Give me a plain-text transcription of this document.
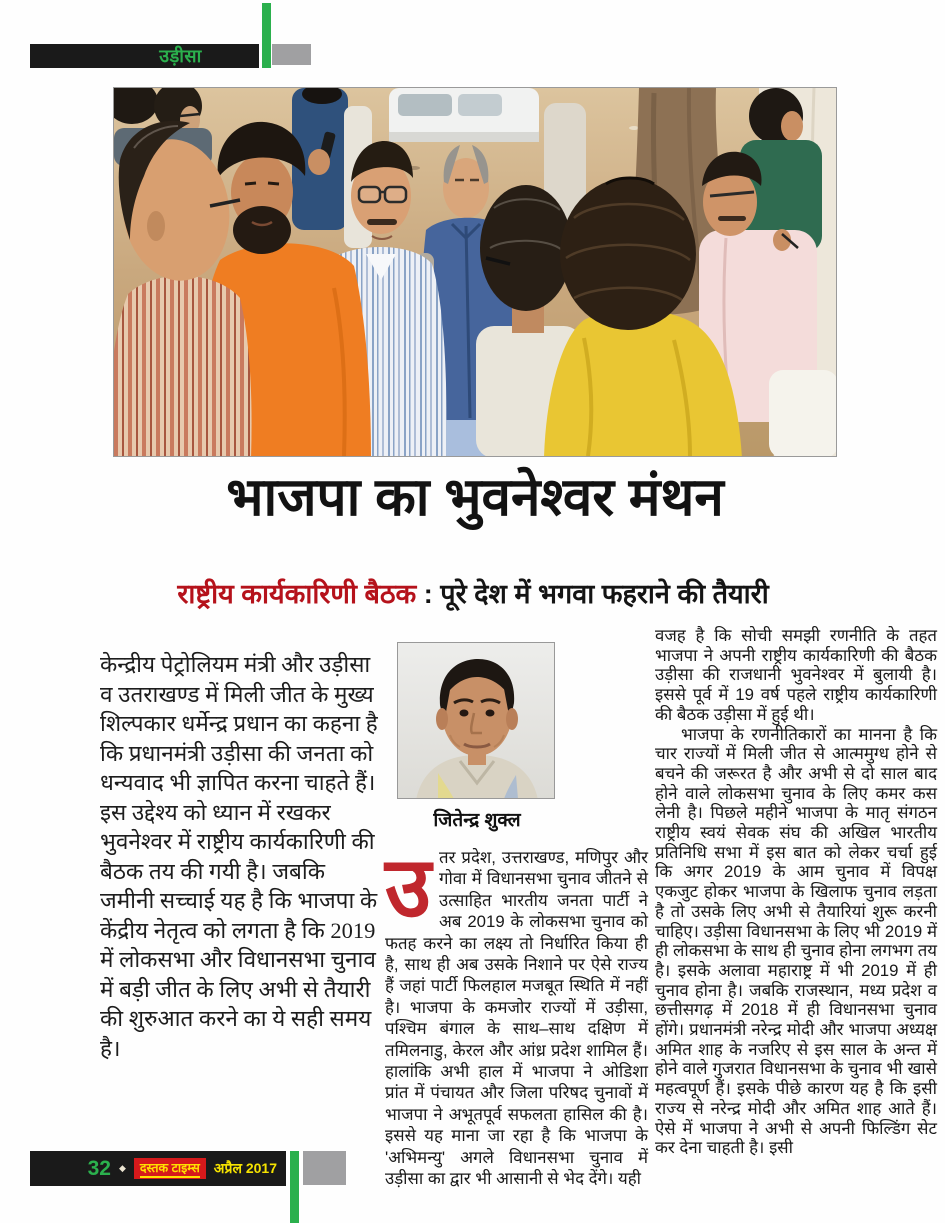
उड़ीसा
भाजपा का भुवनेश्वर मंथन
राष्ट्रीय कार्यकारिणी बैठक : पूरे देश में भगवा फहराने की तैयारी
केन्द्रीय पेट्रोलियम मंत्री और उड़ीसा व उतराखण्ड में मिली जीत के मुख्य शिल्पकार धर्मेन्द्र प्रधान का कहना है कि प्रधानमंत्री उड़ीसा की जनता को धन्यवाद भी ज्ञापित करना चाहते हैं। इस उद्देश्य को ध्यान में रखकर भुवनेश्वर में राष्ट्रीय कार्यकारिणी की बैठक तय की गयी है। जबकि जमीनी सच्चाई यह है कि भाजपा के केंद्रीय नेतृत्व को लगता है कि 2019 में लोकसभा और विधानसभा चुनाव में बड़ी जीत के लिए अभी से तैयारी की शुरुआत करने का ये सही समय है।
जितेन्द्र शुक्ल
उतर प्रदेश, उत्तराखण्ड, मणिपुर और गोवा में विधानसभा चुनाव जीतने से उत्साहित भारतीय जनता पार्टी ने अब 2019 के लोकसभा चुनाव को फतह करने का लक्ष्य तो निर्धारित किया ही है, साथ ही अब उसके निशाने पर ऐसे राज्य हैं जहां पार्टी फिलहाल मजबूत स्थिति में नहीं है। भाजपा के कमजोर राज्यों में उड़ीसा, पश्चिम बंगाल के साथ–साथ दक्षिण में तमिलनाडु, केरल और आंध्र प्रदेश शामिल हैं। हालांकि अभी हाल में भाजपा ने ओडिशा प्रांत में पंचायत और जिला परिषद चुनावों में भाजपा ने अभूतपूर्व सफलता हासिल की है। इससे यह माना जा रहा है कि भाजपा के 'अभिमन्यु' अगले विधानसभा चुनाव में उड़ीसा का द्वार भी आसानी से भेद देंगे। यही

वजह है कि सोची समझी रणनीति के तहत भाजपा ने अपनी राष्ट्रीय कार्यकारिणी की बैठक उड़ीसा की राजधानी भुवनेश्वर में बुलायी है। इससे पूर्व में 19 वर्ष पहले राष्ट्रीय कार्यकारिणी की बैठक उड़ीसा में हुई थी।

भाजपा के रणनीतिकारों का मानना है कि चार राज्यों में मिली जीत से आत्ममुग्ध होने से बचने की जरूरत है और अभी से दो साल बाद होने वाले लोकसभा चुनाव के लिए कमर कस लेनी है। पिछले महीने भाजपा के मातृ संगठन राष्ट्रीय स्वयं सेवक संघ की अखिल भारतीय प्रतिनिधि सभा में इस बात को लेकर चर्चा हुई कि अगर 2019 के आम चुनाव में विपक्ष एकजुट होकर भाजपा के खिलाफ चुनाव लड़ता है तो उसके लिए अभी से तैयारियां शुरू करनी चाहिए। उड़ीसा विधानसभा के लिए भी 2019 में ही लोकसभा के साथ ही चुनाव होना लगभग तय है। इसके अलावा महाराष्ट्र में भी 2019 में ही चुनाव होना है। जबकि राजस्थान, मध्य प्रदेश व छत्तीसगढ़ में 2018 में ही विधानसभा चुनाव होंगे। प्रधानमंत्री नरेन्द्र मोदी और भाजपा अध्यक्ष अमित शाह के नजरिए से इस साल के अन्त में होने वाले गुजरात विधानसभा के चुनाव भी खासे महत्वपूर्ण हैं। इसके पीछे कारण यह है कि इसी राज्य से नरेन्द्र मोदी और अमित शाह आते हैं। ऐसे में भाजपा ने अभी से अपनी फिल्डिंग सेट कर देना चाहती है। इसी

32 ◆	दस्तक टाइम्स	अप्रैल 2017
